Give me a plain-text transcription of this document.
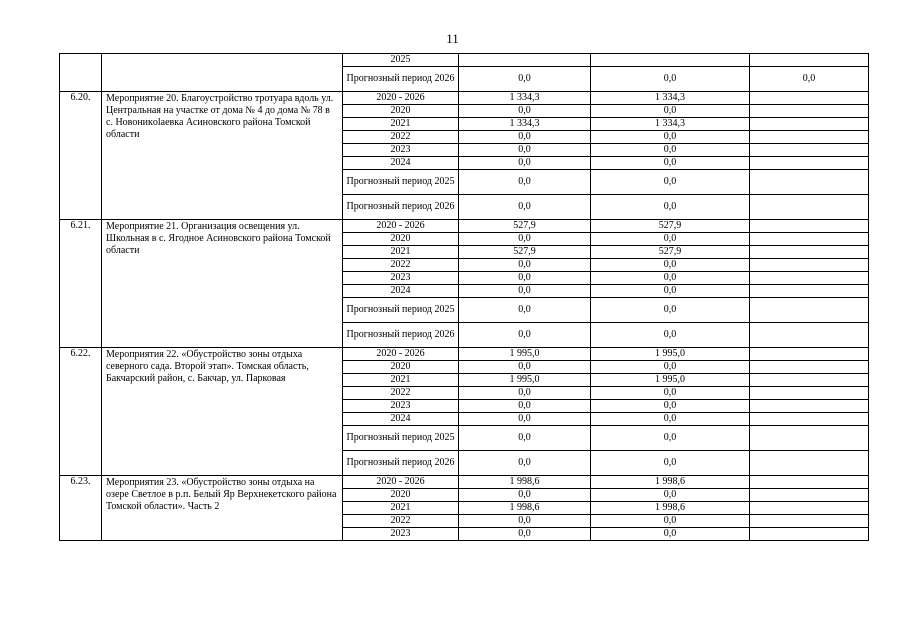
11
		2025			
		Прогнозный период 2026	0,0	0,0	0,0
6.20.	Мероприятие 20. Благоустройство тротуара вдоль ул. Центральная на участке от дома № 4 до дома № 78 в с. Новоникolaевка Асиновского района Томской области	2020 - 2026	1 334,3	1 334,3	
		2020	0,0	0,0	
		2021	1 334,3	1 334,3	
		2022	0,0	0,0	
		2023	0,0	0,0	
		2024	0,0	0,0	
		Прогнозный период 2025	0,0	0,0	
		Прогнозный период 2026	0,0	0,0	
6.21.	Мероприятие 21. Организация освещения ул. Школьная в с. Ягодное Асиновского района Томской области	2020 - 2026	527,9	527,9	
		2020	0,0	0,0	
		2021	527,9	527,9	
		2022	0,0	0,0	
		2023	0,0	0,0	
		2024	0,0	0,0	
		Прогнозный период 2025	0,0	0,0	
		Прогнозный период 2026	0,0	0,0	
6.22.	Мероприятия 22. «Обустройство зоны отдыха северного сада. Второй этап». Томская область, Бакчарский район, с. Бакчар, ул. Парковая	2020 - 2026	1 995,0	1 995,0	
		2020	0,0	0,0	
		2021	1 995,0	1 995,0	
		2022	0,0	0,0	
		2023	0,0	0,0	
		2024	0,0	0,0	
		Прогнозный период 2025	0,0	0,0	
		Прогнозный период 2026	0,0	0,0	
6.23.	Мероприятия 23. «Обустройство зоны отдыха на озере Светлое в р.п. Белый Яр Верхнекетского района Томской области». Часть 2	2020 - 2026	1 998,6	1 998,6	
		2020	0,0	0,0	
		2021	1 998,6	1 998,6	
		2022	0,0	0,0	
		2023	0,0	0,0	
